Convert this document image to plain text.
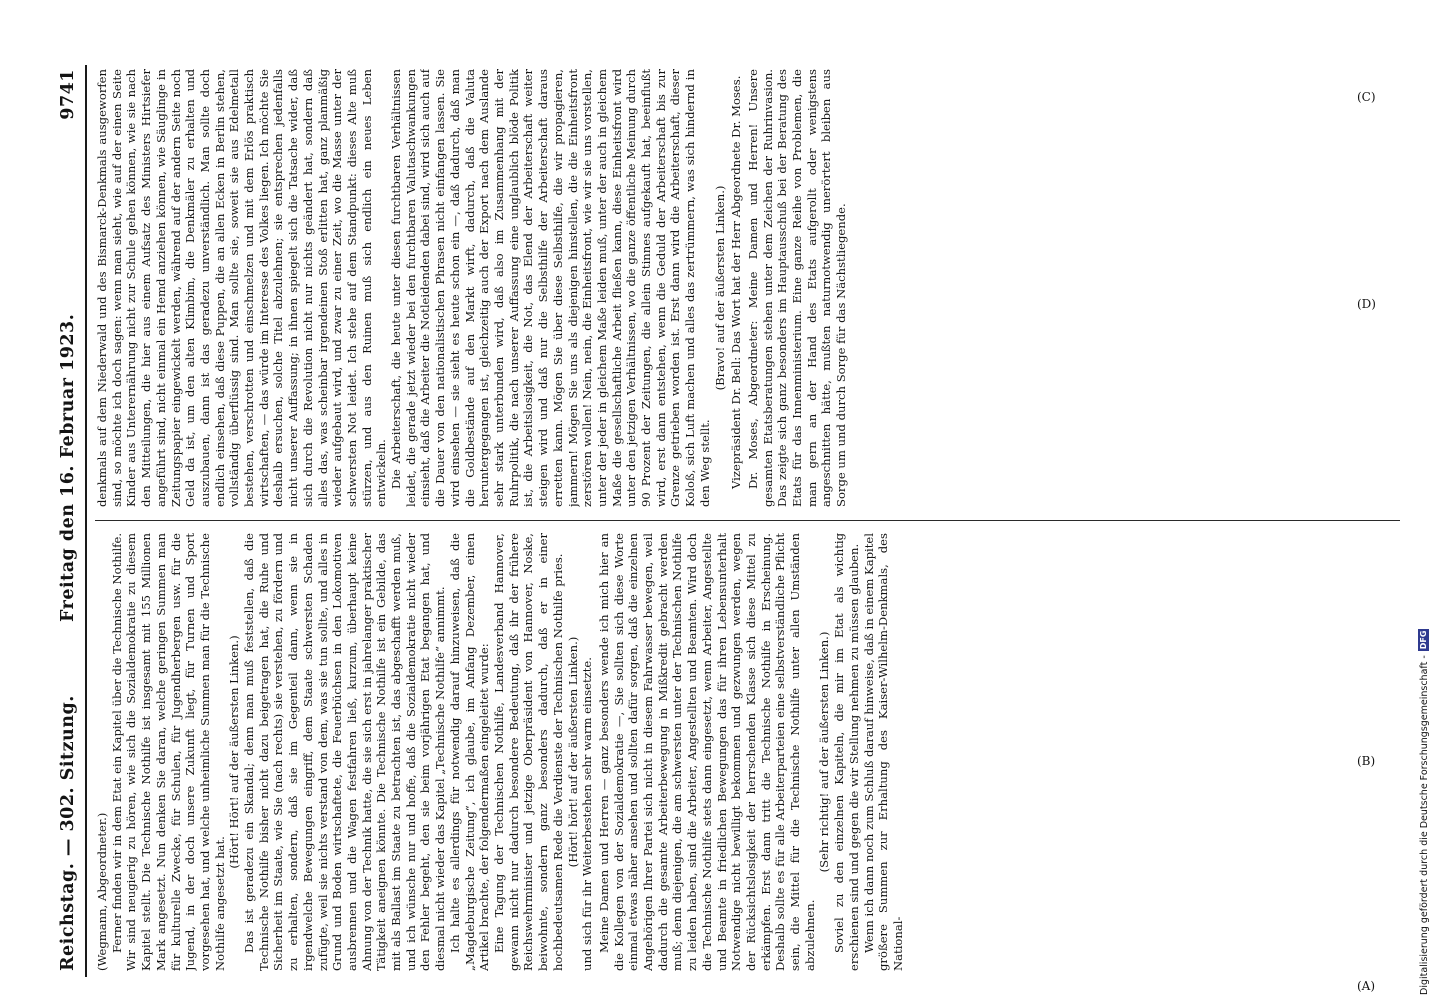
Reichstag. — 302. Sitzung.
Freitag den 16. Februar 1923.
9741

(Wegmann, Abgeordneter.) Ferner finden wir in dem Etat ein Kapitel über die Technische Nothilfe. Wir sind neugierig zu hören, wie sich die Sozialdemokratie zu diesem Kapitel stellt. Die Technische Nothilfe ist insgesamt mit 155 Millionen Mark angesetzt. Nun denken Sie daran, welche geringen Summen man für kulturelle Zwecke, für Schulen, für Jugendherbergen usw. für die Jugend, in der doch unsere Zukunft liegt, für Turnen und Sport vorgesehen hat, und welche unheimliche Summen man für die Technische Nothilfe angesetzt hat.

(Hört! Hört! auf der äußersten Linken.) Das ist geradezu ein Skandal; denn man muß feststellen, daß die Technische Nothilfe bisher nicht dazu beigetragen hat, die Ruhe und Sicherheit im Staate, wie Sie (nach rechts) sie verstehen, zu fördern und zu erhalten, sondern, daß sie im Gegenteil dann, wenn sie in irgendwelche Bewegungen eingriff, dem Staate schwersten Schaden zufügte, weil sie nichts verstand von dem, was sie tun sollte, und alles in Grund und Boden wirtschaftete, die Feuerbüchsen in den Lokomotiven ausbrennen und die Wagen festfahren ließ, kurzum, überhaupt keine Ahnung von der Technik hatte, die sie sich erst in jahrelanger praktischer Tätigkeit aneignen könnte. Die Technische Nothilfe ist ein Gebilde, das mit als Ballast im Staate zu betrachten ist, das abgeschafft werden muß, und ich wünsche nur und hoffe, daß die Sozialdemokratie nicht wieder den Fehler begeht, den sie beim vorjährigen Etat begangen hat, und diesmal nicht wieder das Kapitel „Technische Nothilfe“ annimmt. Ich halte es allerdings für notwendig darauf hinzuweisen, daß die „Magdeburgische Zeitung“, ich glaube, im Anfang Dezember, einen Artikel brachte, der folgendermaßen eingeleitet wurde: Eine Tagung der Technischen Nothilfe, Landesverband Hannover, gewann nicht nur dadurch besondere Bedeutung, daß ihr der frühere Reichswehrminister und jetzige Oberpräsident von Hannover, Noske, beiwohnte, sondern ganz besonders dadurch, daß er in einer hochbedeutsamen Rede die Verdienste der Technischen Nothilfe pries. (Hört! hört! auf der äußersten Linken.) und sich für ihr Weiterbestehen sehr warm einsetzte. Meine Damen und Herren — ganz besonders wende ich mich hier an die Kollegen von der Sozialdemokratie —, Sie sollten sich diese Worte einmal etwas näher ansehen und sollten dafür sorgen, daß die einzelnen Angehörigen Ihrer Partei sich nicht in diesem Fahrwasser bewegen, weil dadurch die gesamte Arbeiterbewegung in Mißkredit gebracht werden muß; denn diejenigen, die am schwersten unter der Technischen Nothilfe zu leiden haben, sind die Arbeiter, Angestellten und Beamten. Wird doch die Technische Nothilfe stets dann eingesetzt, wenn Arbeiter, Angestellte und Beamte in friedlichen Bewegungen das für ihren Lebensunterhalt Notwendige nicht bewilligt bekommen und gezwungen werden, wegen der Rücksichtslosigkeit der herrschenden Klasse sich diese Mittel zu erkämpfen. Erst dann tritt die Technische Nothilfe in Erscheinung. Deshalb sollte es für alle Arbeiterparteien eine selbstverständliche Pflicht sein, die Mittel für die Technische Nothilfe unter allen Umständen abzulehnen.

(Sehr richtig! auf der äußersten Linken.) Soviel zu den einzelnen Kapiteln, die mir im Etat als wichtig erschienen sind und gegen die wir Stellung nehmen zu müssen glauben. Wenn ich dann noch zum Schluß darauf hinweise, daß in einem Kapitel größere Summen zur Erhaltung des Kaiser-Wilhelm-Denkmals, des National-

denkmals auf dem Niederwald und des Bismarck-Denkmals ausgeworfen sind, so möchte ich doch sagen: wenn man sieht, wie auf der einen Seite Kinder aus Unterernährung nicht zur Schule gehen können, wie sie nach den Mitteilungen, die hier aus einem Aufsatz des Ministers Hirtsiefer angeführt sind, nicht einmal ein Hemd anziehen können, wie Säuglinge in Zeitungspapier eingewickelt werden, während auf der andern Seite noch Geld da ist, um den alten Klimbim, die Denkmäler zu erhalten und auszubauen, dann ist das geradezu unverständlich. Man sollte doch endlich einsehen, daß diese Puppen, die an allen Ecken in Berlin stehen, vollständig überflüssig sind. Man sollte sie, soweit sie aus Edelmetall bestehen, verschrotten und einschmelzen und mit dem Erlös praktisch wirtschaften, — das würde im Interesse des Volkes liegen. Ich möchte Sie deshalb ersuchen, solche Titel abzulehnen; sie entsprechen jedenfalls nicht unserer Auffassung; in ihnen spiegelt sich die Tatsache wider, daß sich durch die Revolution nicht nur nichts geändert hat, sondern daß alles das, was scheinbar irgendeinen Stoß erlitten hat, ganz planmäßig wieder aufgebaut wird, und zwar zu einer Zeit, wo die Masse unter der schwersten Not leidet. Ich stehe auf dem Standpunkt: dieses Alte muß stürzen, und aus den Ruinen muß sich endlich ein neues Leben entwickeln. Die Arbeiterschaft, die heute unter diesen furchtbaren Verhältnissen leidet, die gerade jetzt wieder bei den furchtbaren Valutaschwankungen einsieht, daß die Arbeiter die Notleidenden dabei sind, wird sich auch auf die Dauer von den nationalistischen Phrasen nicht einfangen lassen. Sie wird einsehen — sie sieht es heute schon ein —, daß dadurch, daß man die Goldbestände auf den Markt wirft, dadurch, daß die Valuta heruntergegangen ist, gleichzeitig auch der Export nach dem Auslande sehr stark unterbunden wird, daß also im Zusammenhang mit der Ruhrpolitik, die nach unserer Auffassung eine unglaublich blöde Politik ist, die Arbeitslosigkeit, die Not, das Elend der Arbeiterschaft weiter steigen wird und daß nur die Selbsthilfe der Arbeiterschaft daraus erretten kann. Mögen Sie über diese Selbsthilfe, die wir propagieren, jammern! Mögen Sie uns als diejenigen hinstellen, die die Einheitsfront zerstören wollen! Nein, nein, die Einheitsfront, wie wir sie uns vorstellen, unter der jeder in gleichem Maße leiden muß, unter der auch in gleichem Maße die gesellschaftliche Arbeit fließen kann, diese Einheitsfront wird unter den jetzigen Verhältnissen, wo die ganze öffentliche Meinung durch 90 Prozent der Zeitungen, die allein Stinnes aufgekauft hat, beeinflußt wird, erst dann entstehen, wenn die Geduld der Arbeiterschaft bis zur Grenze getrieben worden ist. Erst dann wird die Arbeiterschaft, dieser Koloß, sich Luft machen und alles das zertrümmern, was sich hindernd in den Weg stellt.

(Bravo! auf der äußersten Linken.) Vizepräsident Dr. Bell: Das Wort hat der Herr Abgeordnete Dr. Moses. Dr. Moses, Abgeordneter: Meine Damen und Herren! Unsere gesamten Etatsberatungen stehen unter dem Zeichen der Ruhrinvasion. Das zeigte sich ganz besonders im Hauptausschuß bei der Beratung des Etats für das Innenministerium. Eine ganze Reihe von Problemen, die man gern an der Hand des Etats aufgerollt oder wenigstens angeschnitten hätte, mußten naturnotwendig unerörtert bleiben aus Sorge um und durch Sorge für das Nächstliegende.

(A)
(B)
(C)
(D)
Digitalisierung gefördert durch die Deutsche Forschungsgemeinschaft -DFG
